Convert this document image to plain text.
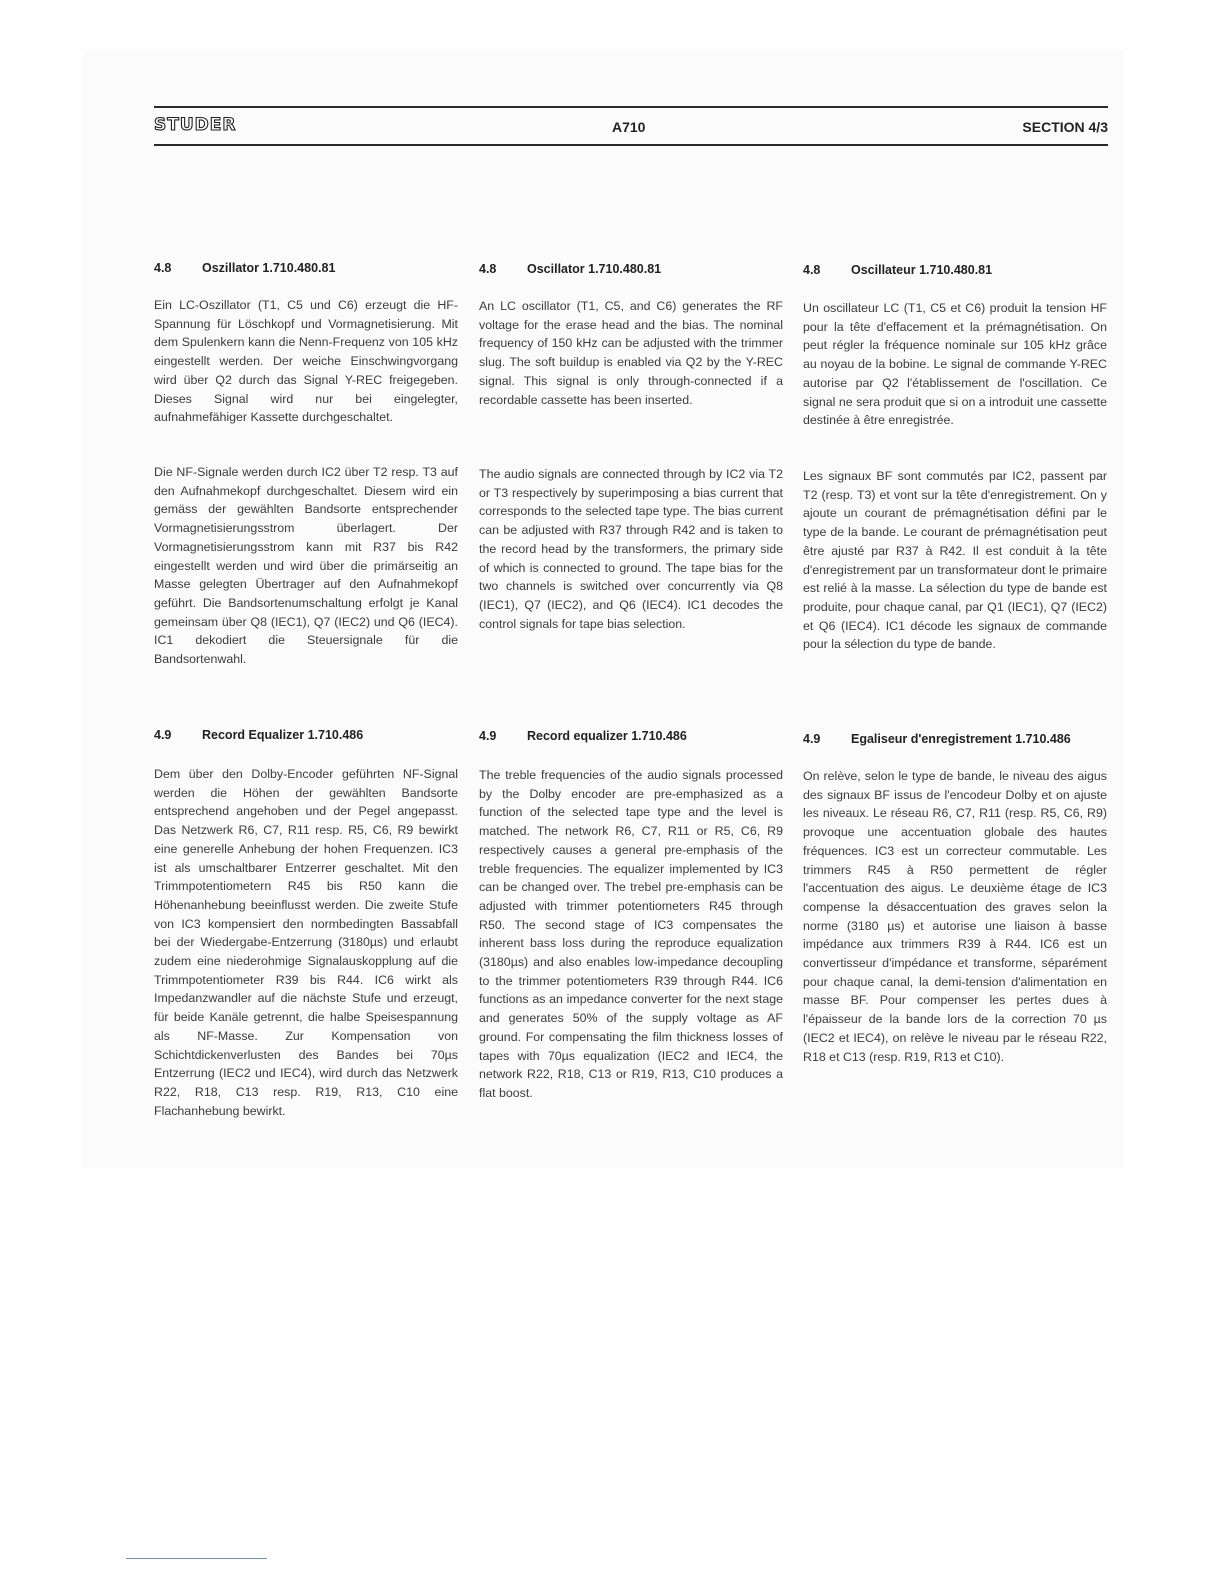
STUDER	A710	SECTION 4/3
4.8 Oszillator 1.710.480.81
Ein LC-Oszillator (T1, C5 und C6) erzeugt die HF-Spannung für Löschkopf und Vormagnetisierung. Mit dem Spulenkern kann die Nenn-Frequenz von 105 kHz eingestellt werden. Der weiche Einschwingvorgang wird über Q2 durch das Signal Y-REC freigegeben. Dieses Signal wird nur bei eingelegter, aufnahmefähiger Kassette durchgeschaltet.
Die NF-Signale werden durch IC2 über T2 resp. T3 auf den Aufnahmekopf durchgeschaltet. Diesem wird ein gemäss der gewählten Bandsorte entsprechender Vormagnetisierungsstrom überlagert. Der Vormagnetisierungsstrom kann mit R37 bis R42 eingestellt werden und wird über die primärseitig an Masse gelegten Übertrager auf den Aufnahmekopf geführt. Die Bandsortenumschaltung erfolgt je Kanal gemeinsam über Q8 (IEC1), Q7 (IEC2) und Q6 (IEC4). IC1 dekodiert die Steuersignale für die Bandsortenwahl.
4.9 Record Equalizer 1.710.486
Dem über den Dolby-Encoder geführten NF-Signal werden die Höhen der gewählten Bandsorte entsprechend angehoben und der Pegel angepasst. Das Netzwerk R6, C7, R11 resp. R5, C6, R9 bewirkt eine generelle Anhebung der hohen Frequenzen. IC3 ist als umschaltbarer Entzerrer geschaltet. Mit den Trimmpotentiometern R45 bis R50 kann die Höhenanhebung beeinflusst werden. Die zweite Stufe von IC3 kompensiert den normbedingten Bassabfall bei der Wiedergabe-Entzerrung (3180µs) und erlaubt zudem eine niederohmige Signalauskopplung auf die Trimmpotentiometer R39 bis R44. IC6 wirkt als Impedanzwandler auf die nächste Stufe und erzeugt, für beide Kanäle getrennt, die halbe Speisespannung als NF-Masse. Zur Kompensation von Schichtdickenverlusten des Bandes bei 70µs Entzerrung (IEC2 und IEC4), wird durch das Netzwerk R22, R18, C13 resp. R19, R13, C10 eine Flachanhebung bewirkt.
4.8 Oscillator 1.710.480.81
An LC oscillator (T1, C5, and C6) generates the RF voltage for the erase head and the bias. The nominal frequency of 150 kHz can be adjusted with the trimmer slug. The soft buildup is enabled via Q2 by the Y-REC signal. This signal is only through-connected if a recordable cassette has been inserted.
The audio signals are connected through by IC2 via T2 or T3 respectively by superimposing a bias current that corresponds to the selected tape type. The bias current can be adjusted with R37 through R42 and is taken to the record head by the transformers, the primary side of which is connected to ground. The tape bias for the two channels is switched over concurrently via Q8 (IEC1), Q7 (IEC2), and Q6 (IEC4). IC1 decodes the control signals for tape bias selection.
4.9 Record equalizer 1.710.486
The treble frequencies of the audio signals processed by the Dolby encoder are pre-emphasized as a function of the selected tape type and the level is matched. The network R6, C7, R11 or R5, C6, R9 respectively causes a general pre-emphasis of the treble frequencies. The equalizer implemented by IC3 can be changed over. The trebel pre-emphasis can be adjusted with trimmer potentiometers R45 through R50. The second stage of IC3 compensates the inherent bass loss during the reproduce equalization (3180µs) and also enables low-impedance decoupling to the trimmer potentiometers R39 through R44. IC6 functions as an impedance converter for the next stage and generates 50% of the supply voltage as AF ground. For compensating the film thickness losses of tapes with 70µs equalization (IEC2 and IEC4, the network R22, R18, C13 or R19, R13, C10 produces a flat boost.
4.8 Oscillateur 1.710.480.81
Un oscillateur LC (T1, C5 et C6) produit la tension HF pour la tête d'effacement et la prémagnétisation. On peut régler la fréquence nominale sur 105 kHz grâce au noyau de la bobine. Le signal de commande Y-REC autorise par Q2 l'établissement de l'oscillation. Ce signal ne sera produit que si on a introduit une cassette destinée à être enregistrée.
Les signaux BF sont commutés par IC2, passent par T2 (resp. T3) et vont sur la tête d'enregistrement. On y ajoute un courant de prémagnétisation défini par le type de la bande. Le courant de prémagnétisation peut être ajusté par R37 à R42. Il est conduit à la tête d'enregistrement par un transformateur dont le primaire est relié à la masse. La sélection du type de bande est produite, pour chaque canal, par Q1 (IEC1), Q7 (IEC2) et Q6 (IEC4). IC1 décode les signaux de commande pour la sélection du type de bande.
4.9 Egaliseur d'enregistrement 1.710.486
On relève, selon le type de bande, le niveau des aigus des signaux BF issus de l'encodeur Dolby et on ajuste les niveaux. Le réseau R6, C7, R11 (resp. R5, C6, R9) provoque une accentuation globale des hautes fréquences. IC3 est un correcteur commutable. Les trimmers R45 à R50 permettent de régler l'accentuation des aigus. Le deuxième étage de IC3 compense la désaccentuation des graves selon la norme (3180 µs) et autorise une liaison à basse impédance aux trimmers R39 à R44. IC6 est un convertisseur d'impédance et transforme, séparément pour chaque canal, la demi-tension d'alimentation en masse BF. Pour compenser les pertes dues à l'épaisseur de la bande lors de la correction 70 µs (IEC2 et IEC4), on relève le niveau par le réseau R22, R18 et C13 (resp. R19, R13 et C10).
